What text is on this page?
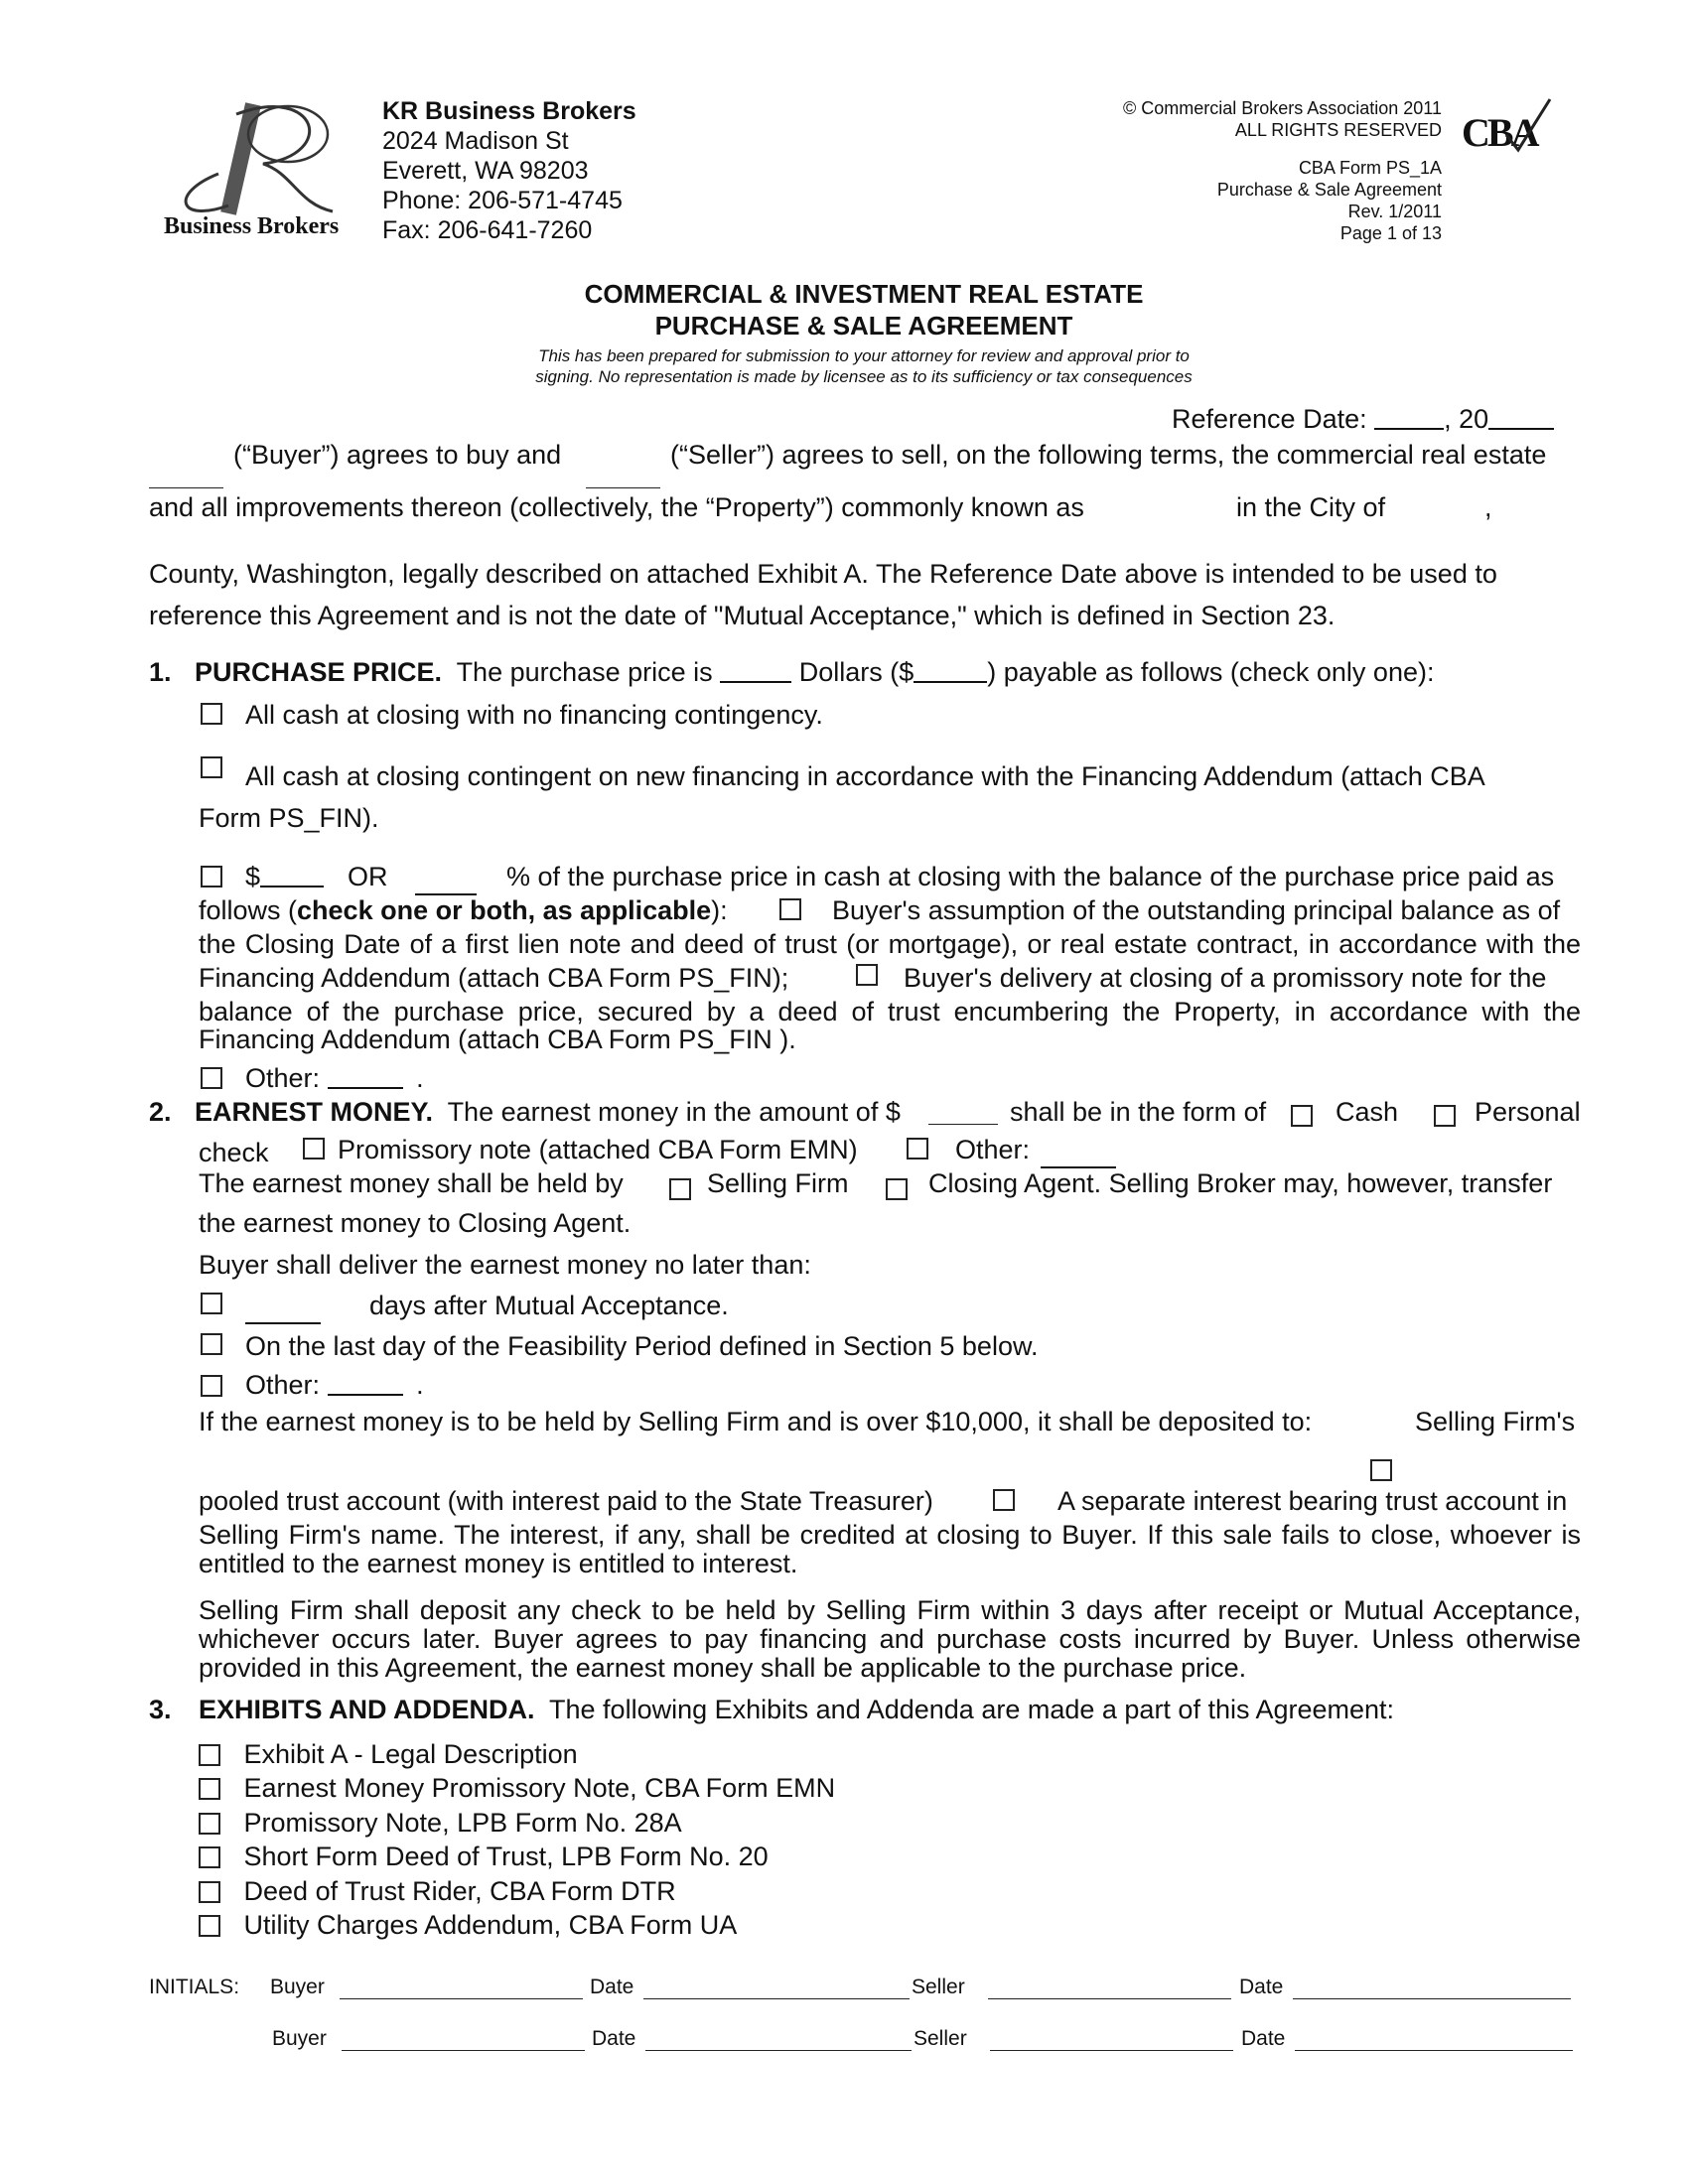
Business Brokers
KR Business Brokers
2024 Madison St
Everett, WA 98203
Phone: 206-571-4745
Fax: 206-641-7260
© Commercial Brokers Association 2011
ALL RIGHTS RESERVED
CBA Form PS_1A
Purchase & Sale Agreement
Rev. 1/2011
Page 1 of 13
CBA
COMMERCIAL & INVESTMENT REAL ESTATE
PURCHASE & SALE AGREEMENT
This has been prepared for submission to your attorney for review and approval prior to
signing. No representation is made by licensee as to its sufficiency or tax consequences
Reference Date:	, 20
(“Buyer”) agrees to buy and	(“Seller”) agrees to sell, on the following terms, the commercial real estate
and all improvements thereon (collectively, the “Property”) commonly known as	in the City of	,
County, Washington, legally described on attached Exhibit A. The Reference Date above is intended to be used to
reference this Agreement and is not the date of "Mutual Acceptance," which is defined in Section 23.
1. PURCHASE PRICE. The purchase price is	Dollars ($	) payable as follows (check only one):
All cash at closing with no financing contingency.
All cash at closing contingent on new financing in accordance with the Financing Addendum (attach CBA
Form PS_FIN).
$	OR	% of the purchase price in cash at closing with the balance of the purchase price paid as
follows (check one or both, as applicable):	Buyer's assumption of the outstanding principal balance as of
the Closing Date of a first lien note and deed of trust (or mortgage), or real estate contract, in accordance with the
Financing Addendum (attach CBA Form PS_FIN);	Buyer's delivery at closing of a promissory note for the
balance of the purchase price, secured by a deed of trust encumbering the Property, in accordance with the
Financing Addendum (attach CBA Form PS_FIN ).
Other:	.
2. EARNEST MONEY. The earnest money in the amount of $	shall be in the form of	Cash	Personal
check	Promissory note (attached CBA Form EMN)	Other:
The earnest money shall be held by	Selling Firm	Closing Agent. Selling Broker may, however, transfer
the earnest money to Closing Agent.
Buyer shall deliver the earnest money no later than:
days after Mutual Acceptance.
On the last day of the Feasibility Period defined in Section 5 below.
Other:	.
If the earnest money is to be held by Selling Firm and is over $10,000, it shall be deposited to:	Selling Firm's
pooled trust account (with interest paid to the State Treasurer)	A separate interest bearing trust account in
Selling Firm's name. The interest, if any, shall be credited at closing to Buyer. If this sale fails to close, whoever is
entitled to the earnest money is entitled to interest.
Selling Firm shall deposit any check to be held by Selling Firm within 3 days after receipt or Mutual Acceptance,
whichever occurs later. Buyer agrees to pay financing and purchase costs incurred by Buyer. Unless otherwise
provided in this Agreement, the earnest money shall be applicable to the purchase price.
3. EXHIBITS AND ADDENDA. The following Exhibits and Addenda are made a part of this Agreement:
Exhibit A - Legal Description
Earnest Money Promissory Note, CBA Form EMN
Promissory Note, LPB Form No. 28A
Short Form Deed of Trust, LPB Form No. 20
Deed of Trust Rider, CBA Form DTR
Utility Charges Addendum, CBA Form UA
INITIALS: Buyer	Date	Seller	Date
Buyer	Date	Seller	Date
